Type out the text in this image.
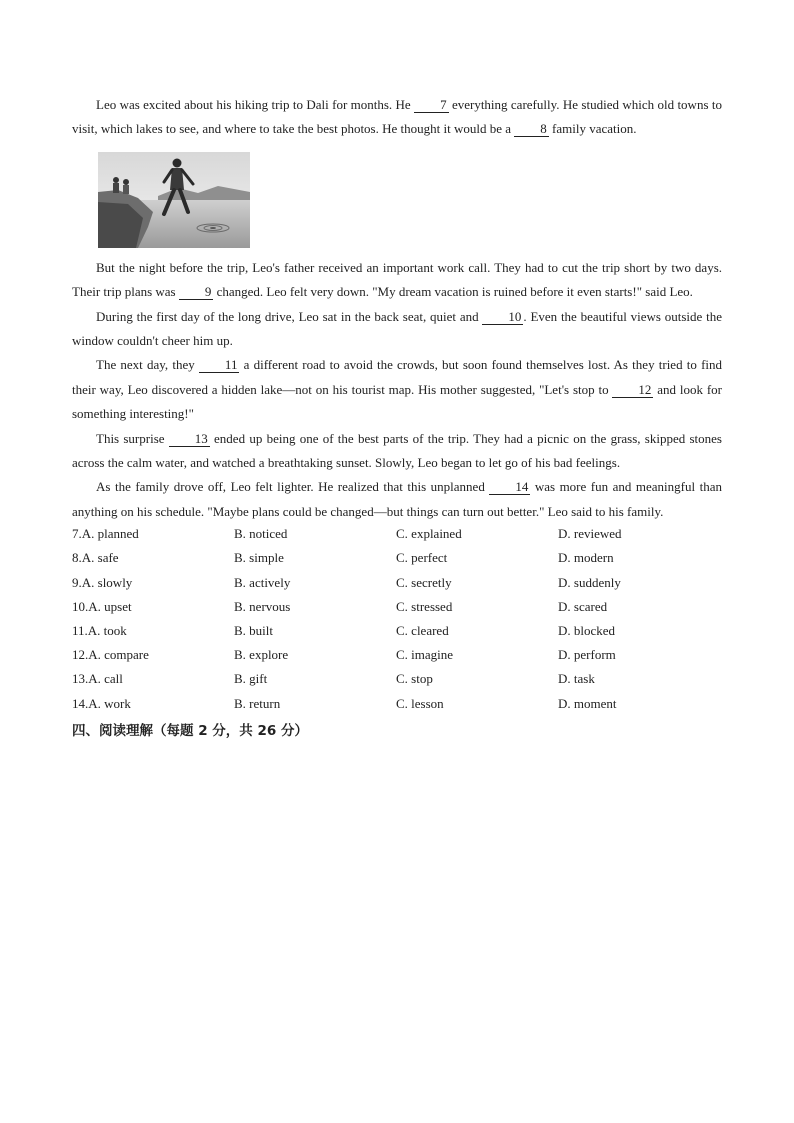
Leo was excited about his hiking trip to Dali for months. He 7 everything carefully. He studied which old towns to visit, which lakes to see, and where to take the best photos. He thought it would be a 8 family vacation.

But the night before the trip, Leo's father received an important work call. They had to cut the trip short by two days. Their trip plans was 9 changed. Leo felt very down. "My dream vacation is ruined before it even starts!" said Leo.

During the first day of the long drive, Leo sat in the back seat, quiet and 10 . Even the beautiful views outside the window couldn't cheer him up.

The next day, they 11 a different road to avoid the crowds, but soon found themselves lost. As they tried to find their way, Leo discovered a hidden lake—not on his tourist map. His mother suggested, "Let's stop to 12 and look for something interesting!"

This surprise 13 ended up being one of the best parts of the trip. They had a picnic on the grass, skipped stones across the calm water, and watched a breathtaking sunset. Slowly, Leo began to let go of his bad feelings.

As the family drove off, Leo felt lighter. He realized that this unplanned 14 was more fun and meaningful than anything on his schedule. "Maybe plans could be changed—but things can turn out better." Leo said to his family.

7.A. planned	B. noticed	C. explained	D. reviewed
8.A. safe	B. simple	C. perfect	D. modern
9.A. slowly	B. actively	C. secretly	D. suddenly
10.A. upset	B. nervous	C. stressed	D. scared
11.A. took	B. built	C. cleared	D. blocked
12.A. compare	B. explore	C. imagine	D. perform
13.A. call	B. gift	C. stop	D. task
14.A. work	B. return	C. lesson	D. moment
四、阅读理解（每题 2 分，共 26 分）
